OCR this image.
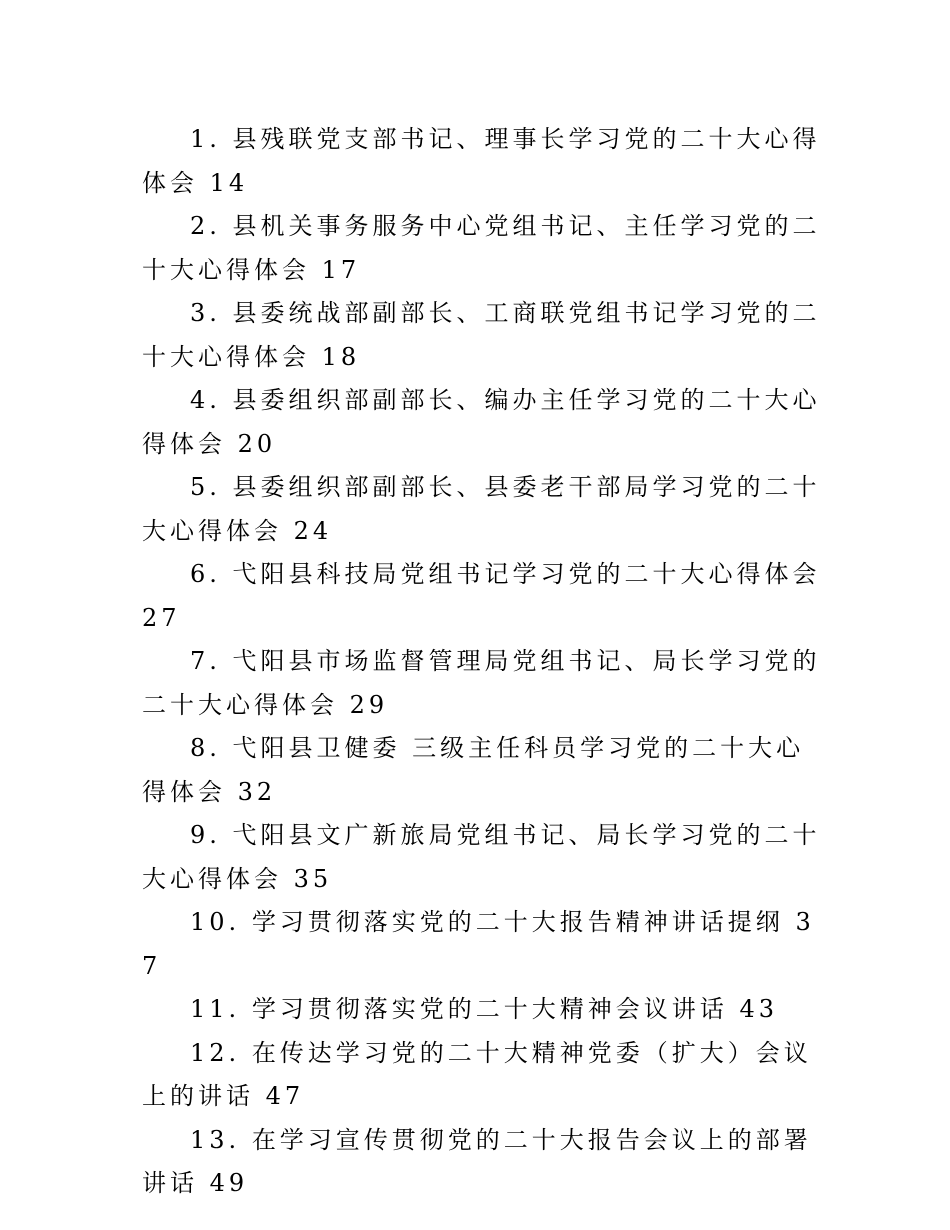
1. 县残联党支部书记、理事长学习党的二十大心得体会 14

2. 县机关事务服务中心党组书记、主任学习党的二十大心得体会 17

3. 县委统战部副部长、工商联党组书记学习党的二十大心得体会 18

4. 县委组织部副部长、编办主任学习党的二十大心得体会 20

5. 县委组织部副部长、县委老干部局学习党的二十大心得体会 24

6. 弋阳县科技局党组书记学习党的二十大心得体会 27

7. 弋阳县市场监督管理局党组书记、局长学习党的二十大心得体会 29

8. 弋阳县卫健委 三级主任科员学习党的二十大心得体会 32

9. 弋阳县文广新旅局党组书记、局长学习党的二十大心得体会 35

10. 学习贯彻落实党的二十大报告精神讲话提纲 37

11. 学习贯彻落实党的二十大精神会议讲话 43

12. 在传达学习党的二十大精神党委（扩大）会议上的讲话 47

13. 在学习宣传贯彻党的二十大报告会议上的部署讲话 49
